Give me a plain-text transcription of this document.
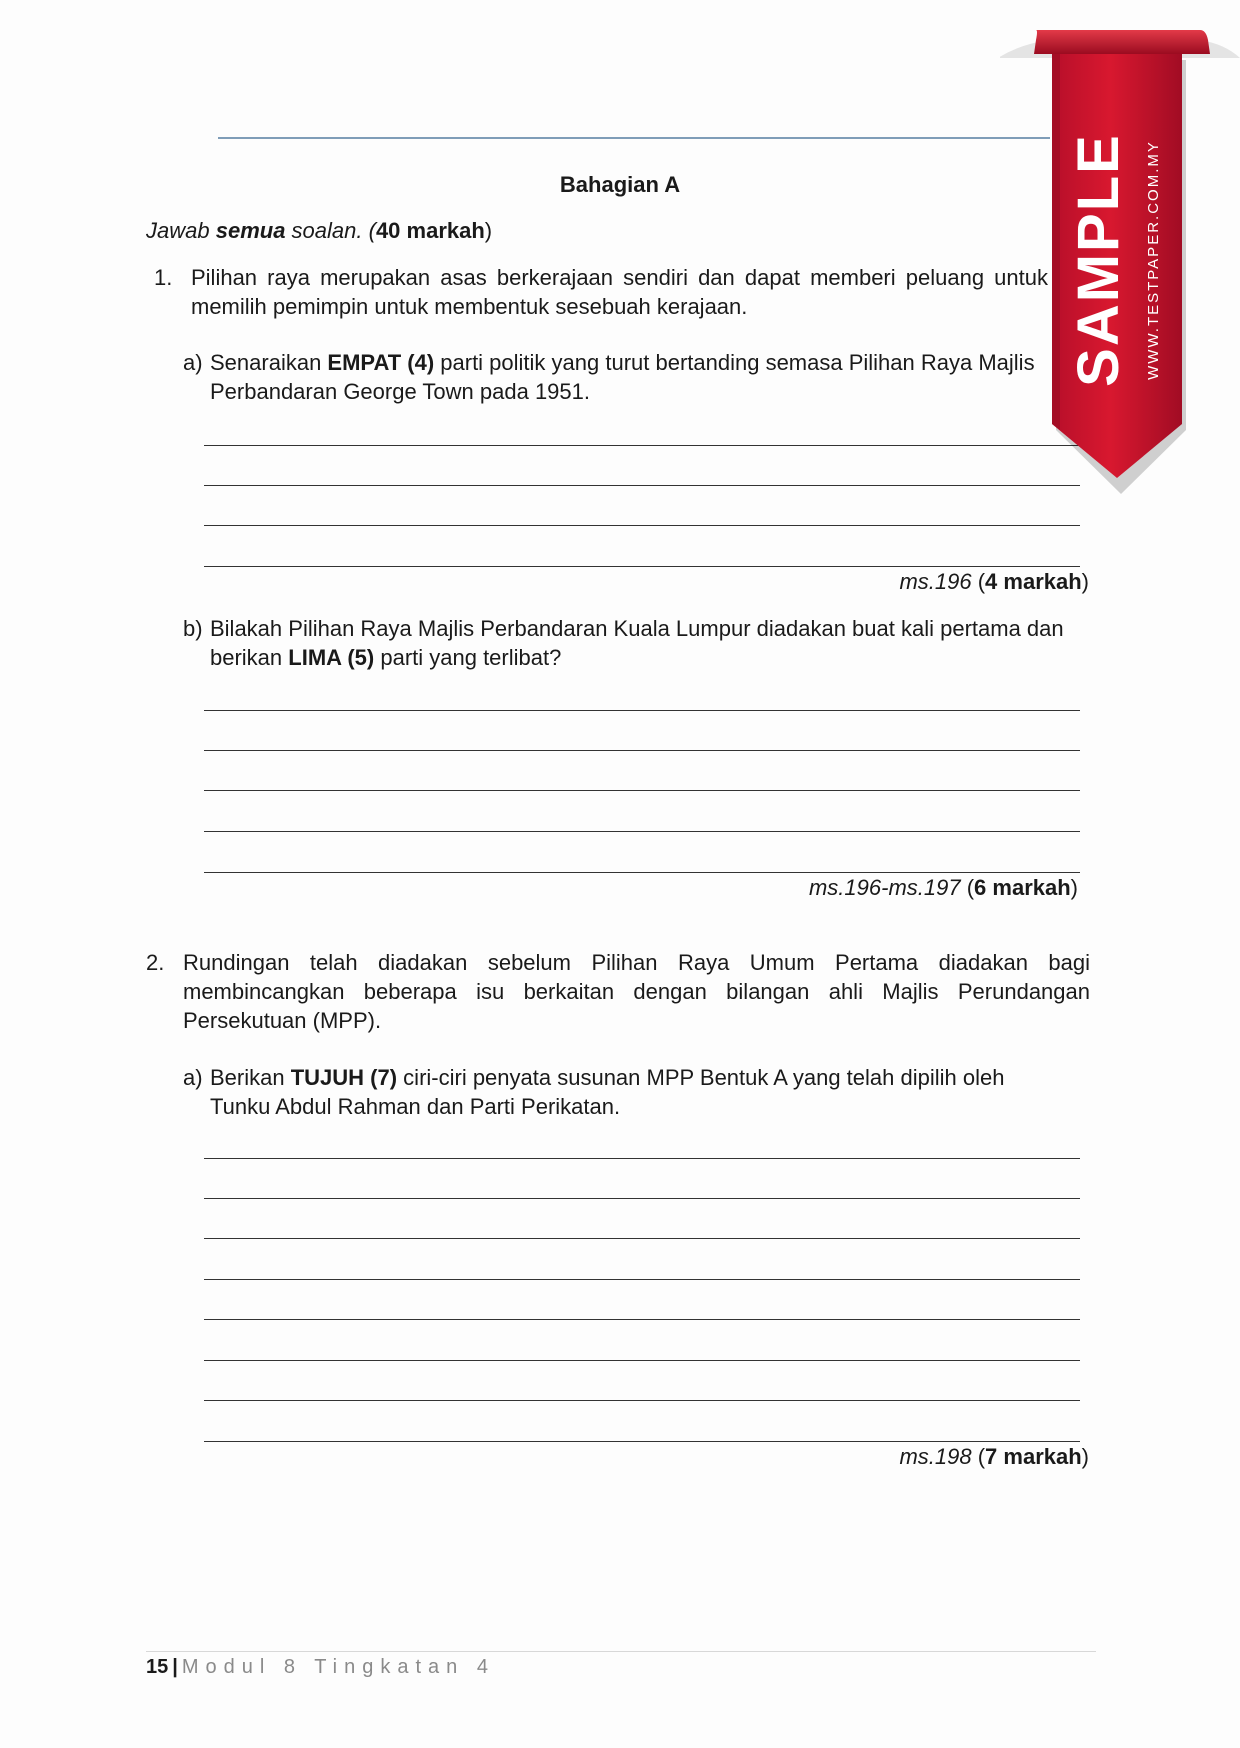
Bahagian A
Jawab semua soalan. (40 markah)
1. Pilihan raya merupakan asas berkerajaan sendiri dan dapat memberi peluang untuk memilih pemimpin untuk membentuk sesebuah kerajaan.
a) Senaraikan EMPAT (4) parti politik yang turut bertanding semasa Pilihan Raya Majlis Perbandaran George Town pada 1951.
ms.196 (4 markah)
b) Bilakah Pilihan Raya Majlis Perbandaran Kuala Lumpur diadakan buat kali pertama dan berikan LIMA (5) parti yang terlibat?
ms.196-ms.197 (6 markah)
2. Rundingan telah diadakan sebelum Pilihan Raya Umum Pertama diadakan bagi membincangkan beberapa isu berkaitan dengan bilangan ahli Majlis Perundangan Persekutuan (MPP).
a) Berikan TUJUH (7) ciri-ciri penyata susunan MPP Bentuk A yang telah dipilih oleh Tunku Abdul Rahman dan Parti Perikatan.
ms.198 (7 markah)
15 | Modul 8 Tingkatan 4
SAMPLE WWW.TESTPAPER.COM.MY
